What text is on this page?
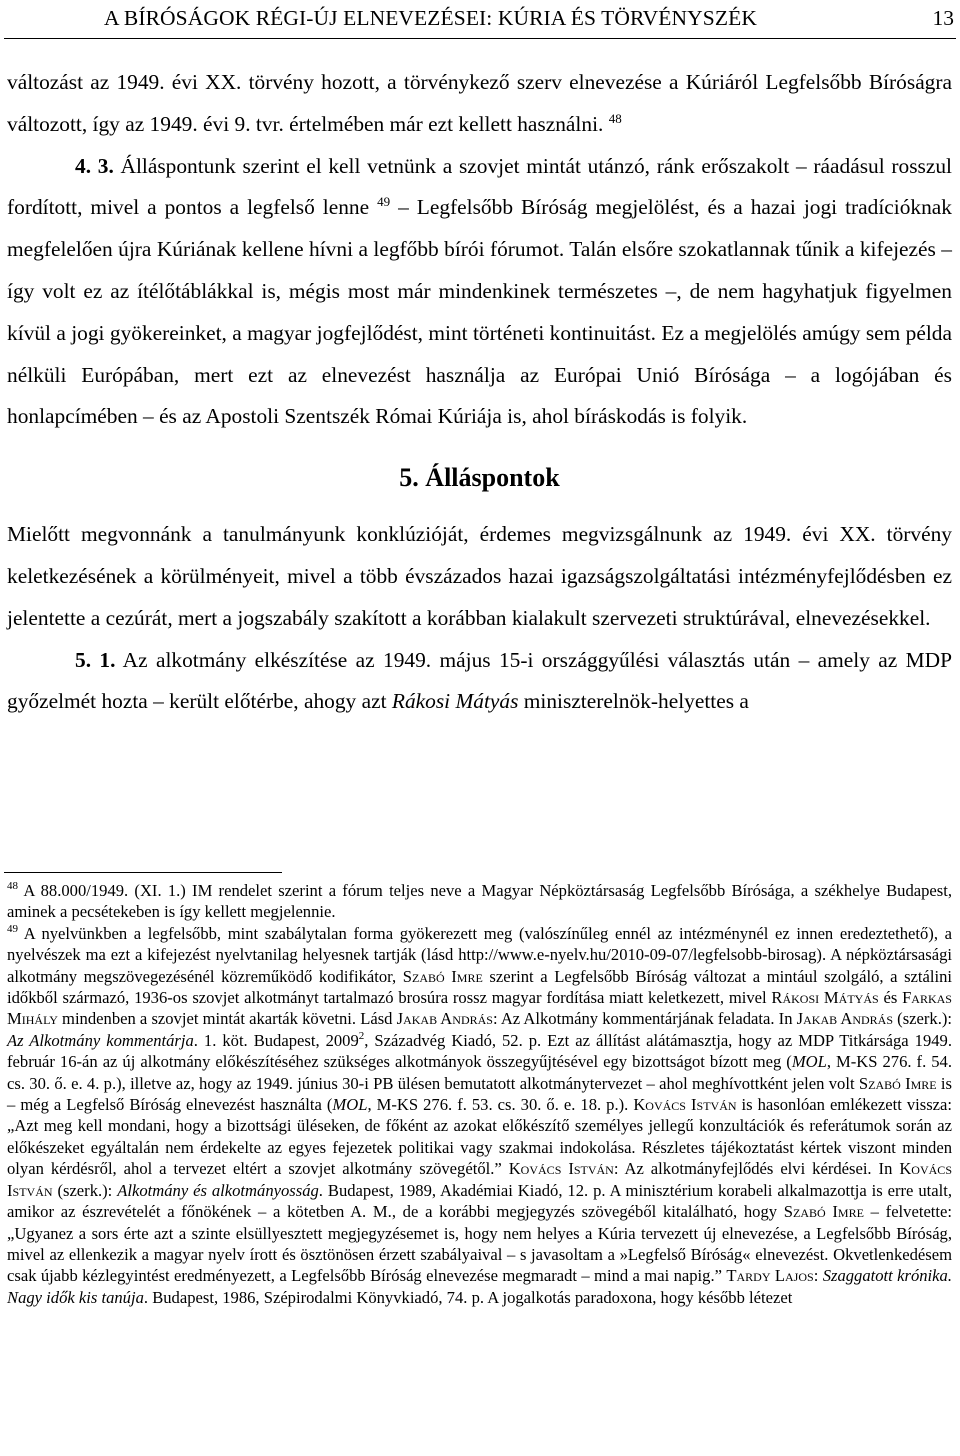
A BÍRÓSÁGOK RÉGI-ÚJ ELNEVEZÉSEI: KÚRIA ÉS TÖRVÉNYSZÉK	13

változást az 1949. évi XX. törvény hozott, a törvénykező szerv elnevezése a Kúriáról Legfelsőbb Bíróságra változott, így az 1949. évi 9. tvr. értelmében már ezt kellett használni. $^{48}$

4. 3. Álláspontunk szerint el kell vetnünk a szovjet mintát utánzó, ránk erőszakolt – ráadásul rosszul fordított, mivel a pontos a legfelső lenne $^{49}$ – Legfelsőbb Bíróság megjelölést, és a hazai jogi tradícióknak megfelelően újra Kúriának kellene hívni a legfőbb bírói fórumot. Talán elsőre szokatlannak tűnik a kifejezés – így volt ez az ítélőtáblákkal is, mégis most már mindenkinek természetes –, de nem hagyhatjuk figyelmen kívül a jogi gyökereinket, a magyar jogfejlődést, mint történeti kontinuitást. Ez a megjelölés amúgy sem példa nélküli Európában, mert ezt az elnevezést használja az Európai Unió Bírósága – a logójában és honlapcímében – és az Apostoli Szentszék Római Kúriája is, ahol bíráskodás is folyik.

5. Álláspontok

Mielőtt megvonnánk a tanulmányunk konklúzióját, érdemes megvizsgálnunk az 1949. évi XX. törvény keletkezésének a körülményeit, mivel a több évszázados hazai igazságszolgáltatási intézményfejlődésben ez jelentette a cezúrát, mert a jogszabály szakított a korábban kialakult szervezeti struktúrával, elnevezésekkel.

5. 1. Az alkotmány elkészítése az 1949. május 15-i országgyűlési választás után – amely az MDP győzelmét hozta – került előtérbe, ahogy azt Rákosi Mátyás miniszterelnök-helyettes a

$^{48}$ A 88.000/1949. (XI. 1.) IM rendelet szerint a fórum teljes neve a Magyar Népköztársaság Legfelsőbb Bírósága, a székhelye Budapest, aminek a pecsétekeben is így kellett megjelennie.

$^{49}$ A nyelvünkben a legfelsőbb, mint szabálytalan forma gyökerezett meg (valószínűleg ennél az intézménynél ez innen eredeztethető), a nyelvészek ma ezt a kifejezést nyelvtanilag helyesnek tartják (lásd http://www.e-nyelv.hu/2010-09-07/legfelsobb-birosag). A népköztársasági alkotmány megszövegezésénél közreműködő kodifikátor, Szabó Imre szerint a Legfelsőbb Bíróság változat a mintául szolgáló, a sztálini időkből származó, 1936-os szovjet alkotmányt tartalmazó brosúra rossz magyar fordítása miatt keletkezett, mivel Rákosi Mátyás és Farkas Mihály mindenben a szovjet mintát akarták követni. Lásd Jakab András: Az Alkotmány kommentárjának feladata. In Jakab András (szerk.): Az Alkotmány kommentárja. 1. köt. Budapest, 2009$^2$, Századvég Kiadó, 52. p. Ezt az állítást alátámasztja, hogy az MDP Titkársága 1949. február 16-án az új alkotmány előkészítéséhez szükséges alkotmányok összegyűjtésével egy bizottságot bízott meg (MOL, M-KS 276. f. 54. cs. 30. ő. e. 4. p.), illetve az, hogy az 1949. június 30-i PB ülésen bemutatott alkotmánytervezet – ahol meghívottként jelen volt Szabó Imre is – még a Legfelső Bíróság elnevezést használta (MOL, M-KS 276. f. 53. cs. 30. ő. e. 18. p.). Kovács István is hasonlóan emlékezett vissza: „Azt meg kell mondani, hogy a bizottsági üléseken, de főként az azokat előkészítő személyes jellegű konzultációk és referátumok során az előkészeket egyáltalán nem érdekelte az egyes fejezetek politikai vagy szakmai indokolása. Részletes tájékoztatást kértek viszont minden olyan kérdésről, ahol a tervezet eltért a szovjet alkotmány szövegétől.” Kovács István: Az alkotmányfejlődés elvi kérdései. In Kovács István (szerk.): Alkotmány és alkotmányosság. Budapest, 1989, Akadémiai Kiadó, 12. p. A minisztérium korabeli alkalmazottja is erre utalt, amikor az észrevételét a főnökének – a kötetben A. M., de a korábbi megjegyzés szövegéből kitalálható, hogy Szabó Imre – felvetette: „Ugyanez a sors érte azt a szinte elsüllyesztett megjegyzésemet is, hogy nem helyes a Kúria tervezett új elnevezése, a Legfelsőbb Bíróság, mivel az ellenkezik a magyar nyelv írott és ösztönösen érzett szabályaival – s javasoltam a »Legfelső Bíróság« elnevezést. Okvetlenkedésem csak újabb kézlegyintést eredményezett, a Legfelsőbb Bíróság elnevezése megmaradt – mind a mai napig.” Tardy Lajos: Szaggatott krónika. Nagy idők kis tanúja. Budapest, 1986, Szépirodalmi Könyvkiadó, 74. p. A jogalkotás paradoxona, hogy később létezet
